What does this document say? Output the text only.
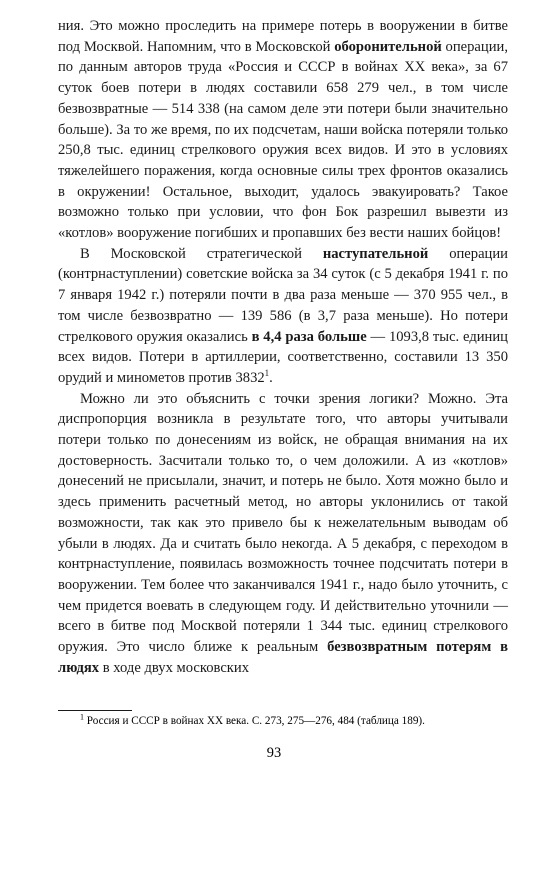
ния. Это можно проследить на примере потерь в вооружении в битве под Москвой. Напомним, что в Московской оборонительной операции, по данным авторов труда «Россия и СССР в войнах XX века», за 67 суток боев потери в людях составили 658 279 чел., в том числе безвозвратные — 514 338 (на самом деле эти потери были значительно больше). За то же время, по их подсчетам, наши войска потеряли только 250,8 тыс. единиц стрелкового оружия всех видов. И это в условиях тяжелейшего поражения, когда основные силы трех фронтов оказались в окружении! Остальное, выходит, удалось эвакуировать? Такое возможно только при условии, что фон Бок разрешил вывезти из «котлов» вооружение погибших и пропавших без вести наших бойцов!

В Московской стратегической наступательной операции (контрнаступлении) советские войска за 34 суток (с 5 декабря 1941 г. по 7 января 1942 г.) потеряли почти в два раза меньше — 370 955 чел., в том числе безвозвратно — 139 586 (в 3,7 раза меньше). Но потери стрелкового оружия оказались в 4,4 раза больше — 1093,8 тыс. единиц всех видов. Потери в артиллерии, соответственно, составили 13 350 орудий и минометов против 3832$^1$.

Можно ли это объяснить с точки зрения логики? Можно. Эта диспропорция возникла в результате того, что авторы учитывали потери только по донесениям из войск, не обращая внимания на их достоверность. Засчитали только то, о чем доложили. А из «котлов» донесений не присылали, значит, и потерь не было. Хотя можно было и здесь применить расчетный метод, но авторы уклонились от такой возможности, так как это привело бы к нежелательным выводам об убыли в людях. Да и считать было некогда. А 5 декабря, с переходом в контрнаступление, появилась возможность точнее подсчитать потери в вооружении. Тем более что заканчивался 1941 г., надо было уточнить, с чем придется воевать в следующем году. И действительно уточнили — всего в битве под Москвой потеряли 1 344 тыс. единиц стрелкового оружия. Это число ближе к реальным безвозвратным потерям в людях в ходе двух московских

$^1$ Россия и СССР в войнах XX века. С. 273, 275—276, 484 (таблица 189).
93
